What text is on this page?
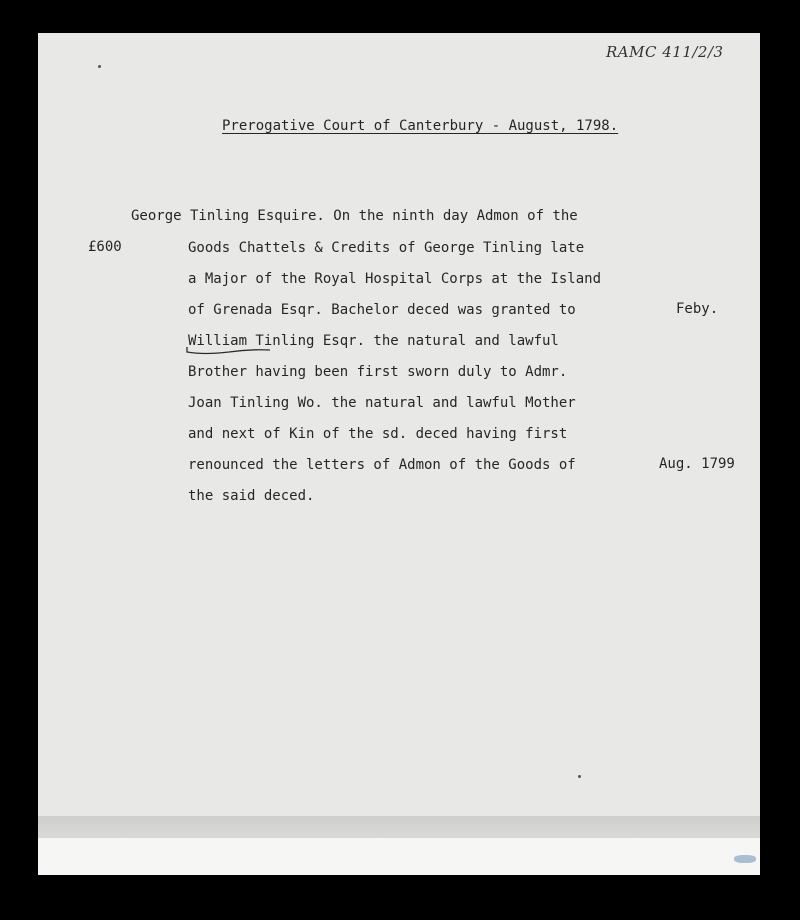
RAMC 411/2/3
Prerogative Court of Canterbury - August, 1798.
George Tinling Esquire. On the ninth day Admon of the
£600	Goods Chattels & Credits of George Tinling late
a Major of the Royal Hospital Corps at the Island
of Grenada Esqr. Bachelor deced was granted to
William Tinling Esqr. the natural and lawful
Brother having been first sworn duly to Admr.
Joan Tinling Wo. the natural and lawful Mother
and next of Kin of the sd. deced having first
renounced the letters of Admon of the Goods of
the said deced.
Feby.
Aug. 1799
